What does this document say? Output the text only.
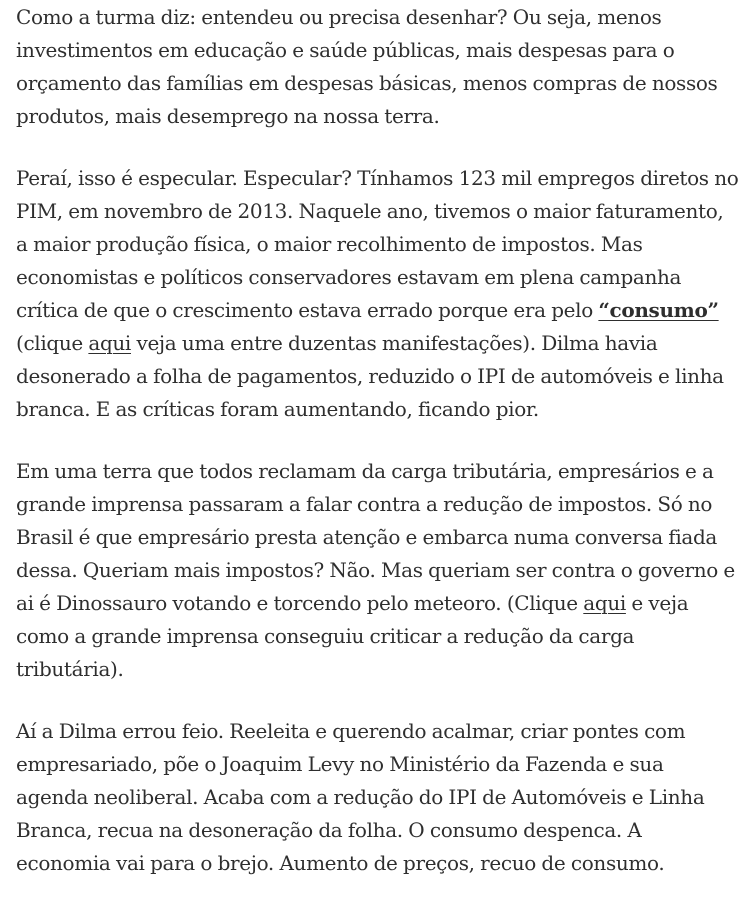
Como a turma diz: entendeu ou precisa desenhar? Ou seja, menos investimentos em educação e saúde públicas, mais despesas para o orçamento das famílias em despesas básicas, menos compras de nossos produtos, mais desemprego na nossa terra.

Peraí, isso é especular. Especular? Tínhamos 123 mil empregos diretos no PIM, em novembro de 2013. Naquele ano, tivemos o maior faturamento, a maior produção física, o maior recolhimento de impostos. Mas economistas e políticos conservadores estavam em plena campanha crítica de que o crescimento estava errado porque era pelo “consumo” (clique aqui veja uma entre duzentas manifestações). Dilma havia desonerado a folha de pagamentos, reduzido o IPI de automóveis e linha branca. E as críticas foram aumentando, ficando pior.

Em uma terra que todos reclamam da carga tributária, empresários e a grande imprensa passaram a falar contra a redução de impostos. Só no Brasil é que empresário presta atenção e embarca numa conversa fiada dessa. Queriam mais impostos? Não. Mas queriam ser contra o governo e ai é Dinossauro votando e torcendo pelo meteoro. (Clique aqui e veja como a grande imprensa conseguiu criticar a redução da carga tributária).

Aí a Dilma errou feio. Reeleita e querendo acalmar, criar pontes com empresariado, põe o Joaquim Levy no Ministério da Fazenda e sua agenda neoliberal. Acaba com a redução do IPI de Automóveis e Linha Branca, recua na desoneração da folha. O consumo despenca. A economia vai para o brejo. Aumento de preços, recuo de consumo.
